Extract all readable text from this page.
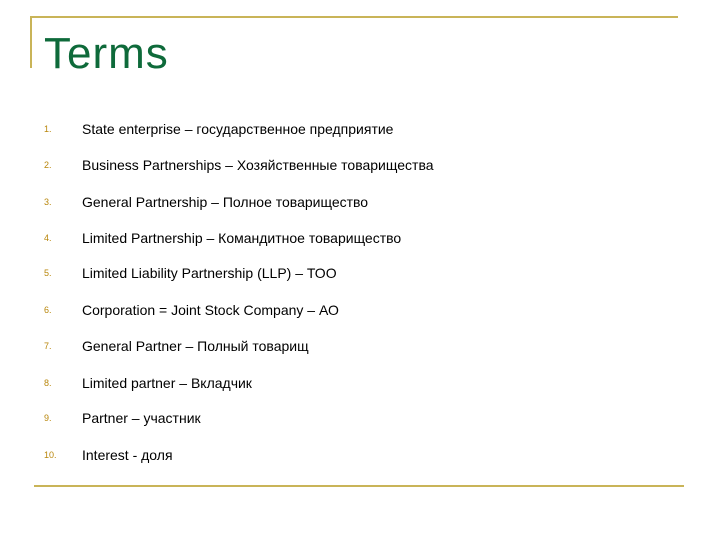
Terms
1. State enterprise – государственное предприятие
2. Business Partnerships – Хозяйственные товарищества
3. General Partnership – Полное товарищество
4. Limited Partnership – Командитное товарищество
5. Limited Liability Partnership (LLP) – ТОО
6. Corporation = Joint Stock Company – АО
7. General Partner – Полный товарищ
8. Limited partner – Вкладчик
9. Partner – участник
10. Interest - доля
